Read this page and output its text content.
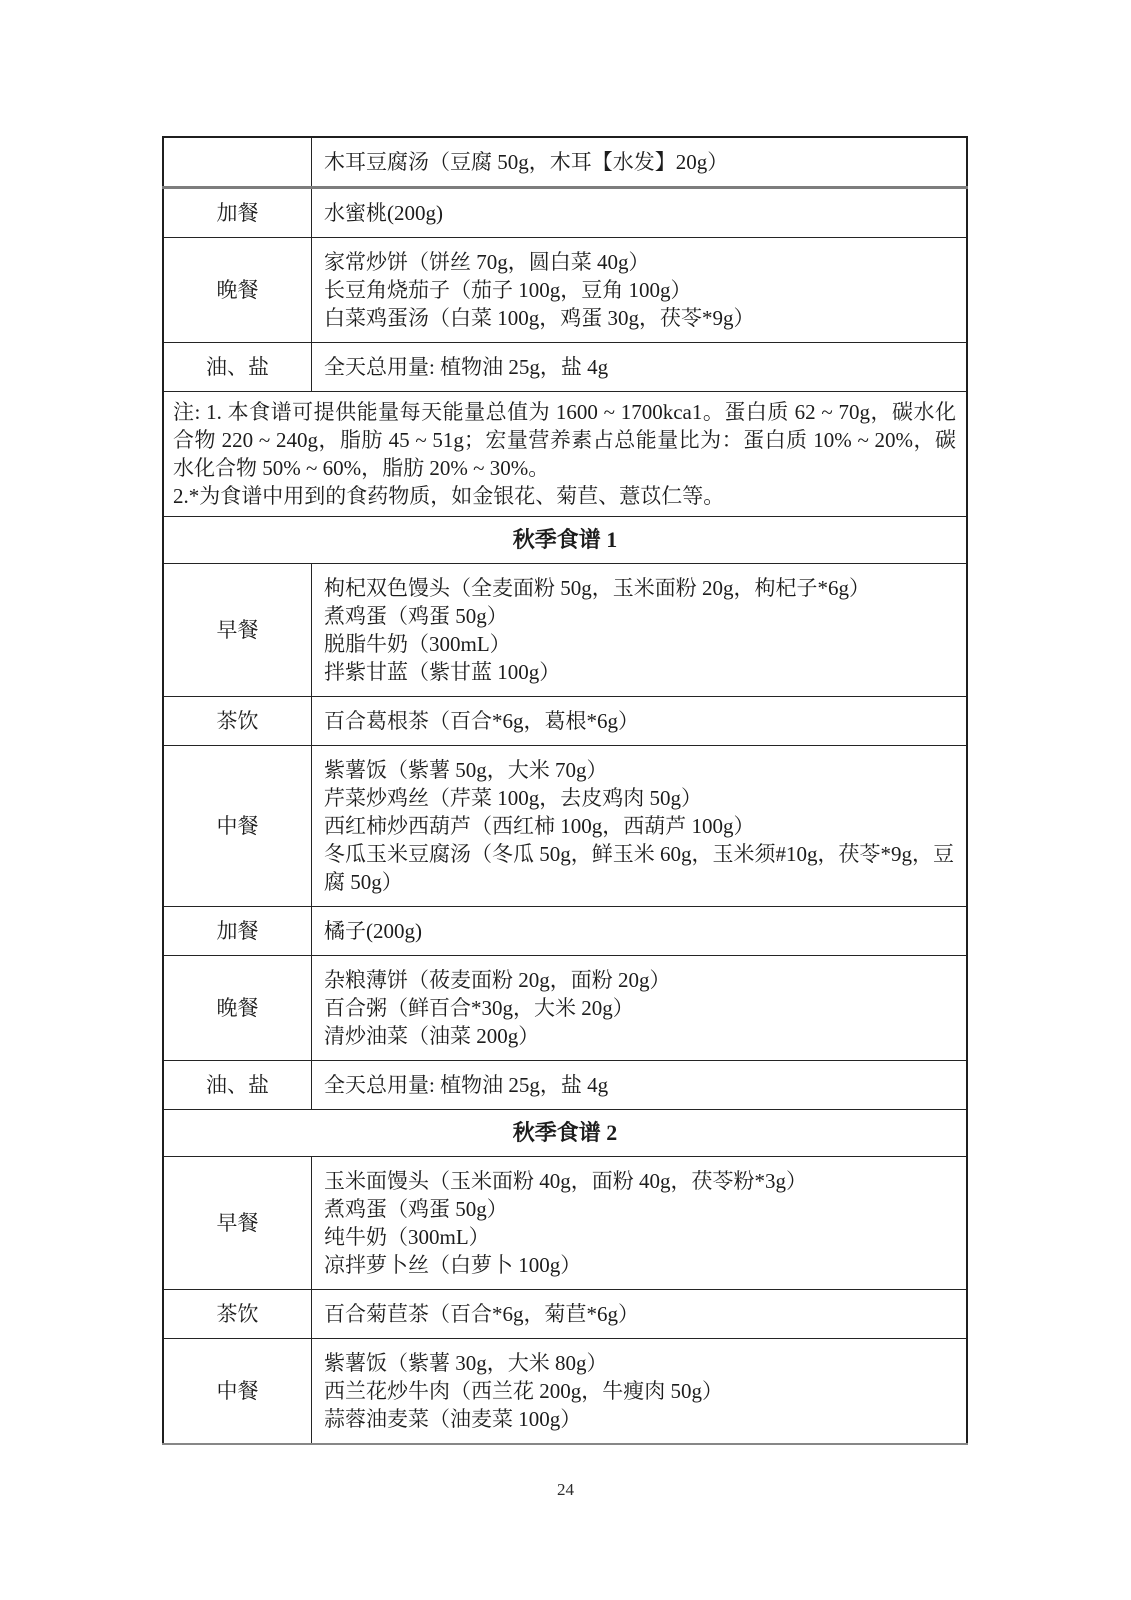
	木耳豆腐汤（豆腐 50g，木耳【水发】20g）

加餐	水蜜桃(200g)

晚餐	家常炒饼（饼丝 70g，圆白菜 40g）
长豆角烧茄子（茄子 100g，豆角 100g）
白菜鸡蛋汤（白菜 100g，鸡蛋 30g，茯苓*9g）

油、盐	全天总用量: 植物油 25g，盐 4g

注: 1. 本食谱可提供能量每天能量总值为 1600 ~ 1700kca1。蛋白质 62 ~ 70g，碳水化合物 220 ~ 240g，脂肪 45 ~ 51g；宏量营养素占总能量比为：蛋白质 10% ~ 20%，碳水化合物 50% ~ 60%，脂肪 20% ~ 30%。

2.*为食谱中用到的食药物质，如金银花、菊苣、薏苡仁等。	

秋季食谱 1	
早餐	枸杞双色馒头（全麦面粉 50g，玉米面粉 20g，枸杞子*6g）
煮鸡蛋（鸡蛋 50g）
脱脂牛奶（300mL）
拌紫甘蓝（紫甘蓝 100g）

茶饮	百合葛根茶（百合*6g，葛根*6g）

中餐	紫薯饭（紫薯 50g，大米 70g）
芹菜炒鸡丝（芹菜 100g，去皮鸡肉 50g）
西红柿炒西葫芦（西红柿 100g，西葫芦 100g）
冬瓜玉米豆腐汤（冬瓜 50g，鲜玉米 60g，玉米须#10g，茯苓*9g，豆腐 50g）

加餐	橘子(200g)

晚餐	杂粮薄饼（莜麦面粉 20g，面粉 20g）
百合粥（鲜百合*30g，大米 20g）
清炒油菜（油菜 200g）

油、盐	全天总用量: 植物油 25g，盐 4g

秋季食谱 2	
早餐	玉米面馒头（玉米面粉 40g，面粉 40g，茯苓粉*3g）
煮鸡蛋（鸡蛋 50g）
纯牛奶（300mL）
凉拌萝卜丝（白萝卜 100g）

茶饮	百合菊苣茶（百合*6g，菊苣*6g）

中餐	紫薯饭（紫薯 30g，大米 80g）
西兰花炒牛肉（西兰花 200g，牛瘦肉 50g）
蒜蓉油麦菜（油麦菜 100g）
24
